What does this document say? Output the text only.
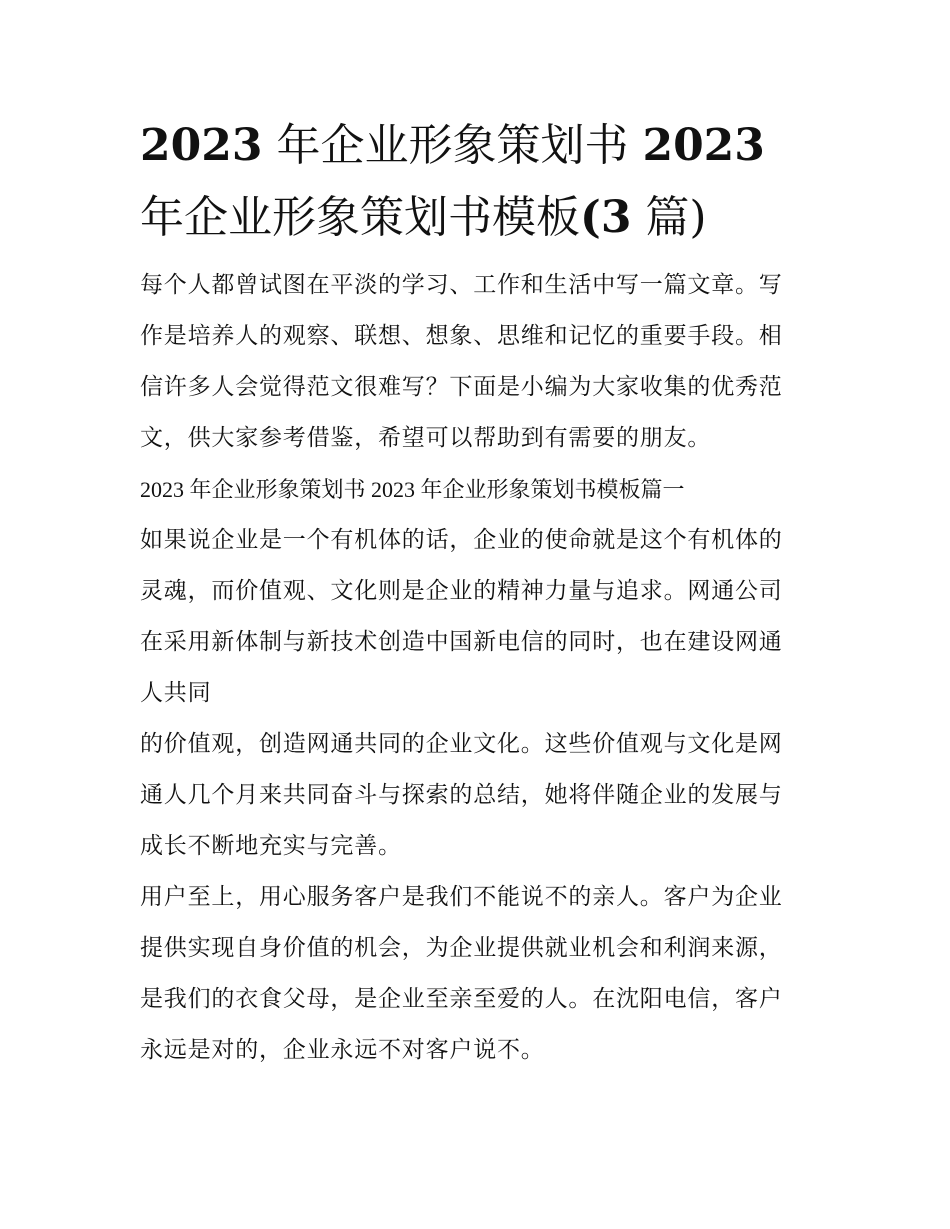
2023 年企业形象策划书 2023
年企业形象策划书模板(3 篇)
每个人都曾试图在平淡的学习、工作和生活中写一篇文章。写
作是培养人的观察、联想、想象、思维和记忆的重要手段。相
信许多人会觉得范文很难写？下面是小编为大家收集的优秀范
文，供大家参考借鉴，希望可以帮助到有需要的朋友。
2023 年企业形象策划书 2023 年企业形象策划书模板篇一
如果说企业是一个有机体的话，企业的使命就是这个有机体的
灵魂，而价值观、文化则是企业的精神力量与追求。网通公司
在采用新体制与新技术创造中国新电信的同时，也在建设网通
人共同
的价值观，创造网通共同的企业文化。这些价值观与文化是网
通人几个月来共同奋斗与探索的总结，她将伴随企业的发展与
成长不断地充实与完善。
用户至上，用心服务客户是我们不能说不的亲人。客户为企业
提供实现自身价值的机会，为企业提供就业机会和利润来源，
是我们的衣食父母，是企业至亲至爱的人。在沈阳电信，客户
永远是对的，企业永远不对客户说不。
